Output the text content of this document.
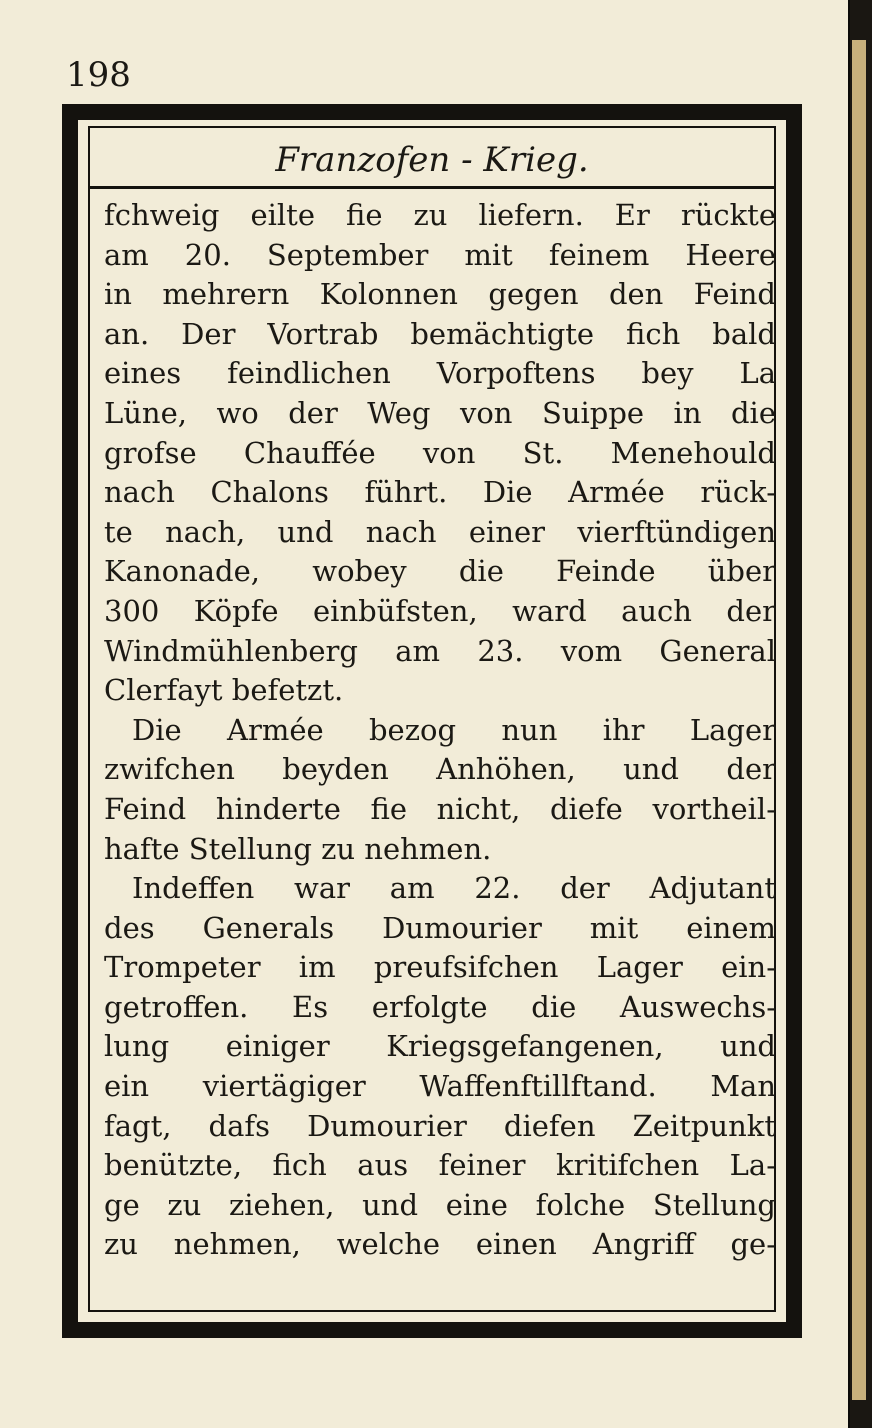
198
Franzofen - Krieg.
fchweig eilte fie zu liefern. Er rückte
am 20. September mit feinem Heere
in mehrern Kolonnen gegen den Feind
an. Der Vortrab bemächtigte fich bald
eines feindlichen Vorpoftens bey La
Lüne, wo der Weg von Suippe in die
grofse Chauffée von St. Menehould
nach Chalons führt. Die Armée rück-
te nach, und nach einer vierftündigen
Kanonade, wobey die Feinde über
300 Köpfe einbüfsten, ward auch der
Windmühlenberg am 23. vom General
Clerfayt befetzt.
Die Armée bezog nun ihr Lager
zwifchen beyden Anhöhen, und der
Feind hinderte fie nicht, diefe vortheil-
hafte Stellung zu nehmen.
Indeffen war am 22. der Adjutant
des Generals Dumourier mit einem
Trompeter im preufsifchen Lager ein-
getroffen. Es erfolgte die Auswechs-
lung einiger Kriegsgefangenen, und
ein viertägiger Waffenftillftand. Man
fagt, dafs Dumourier diefen Zeitpunkt
benützte, fich aus feiner kritifchen La-
ge zu ziehen, und eine folche Stellung
zu nehmen, welche einen Angriff ge-
